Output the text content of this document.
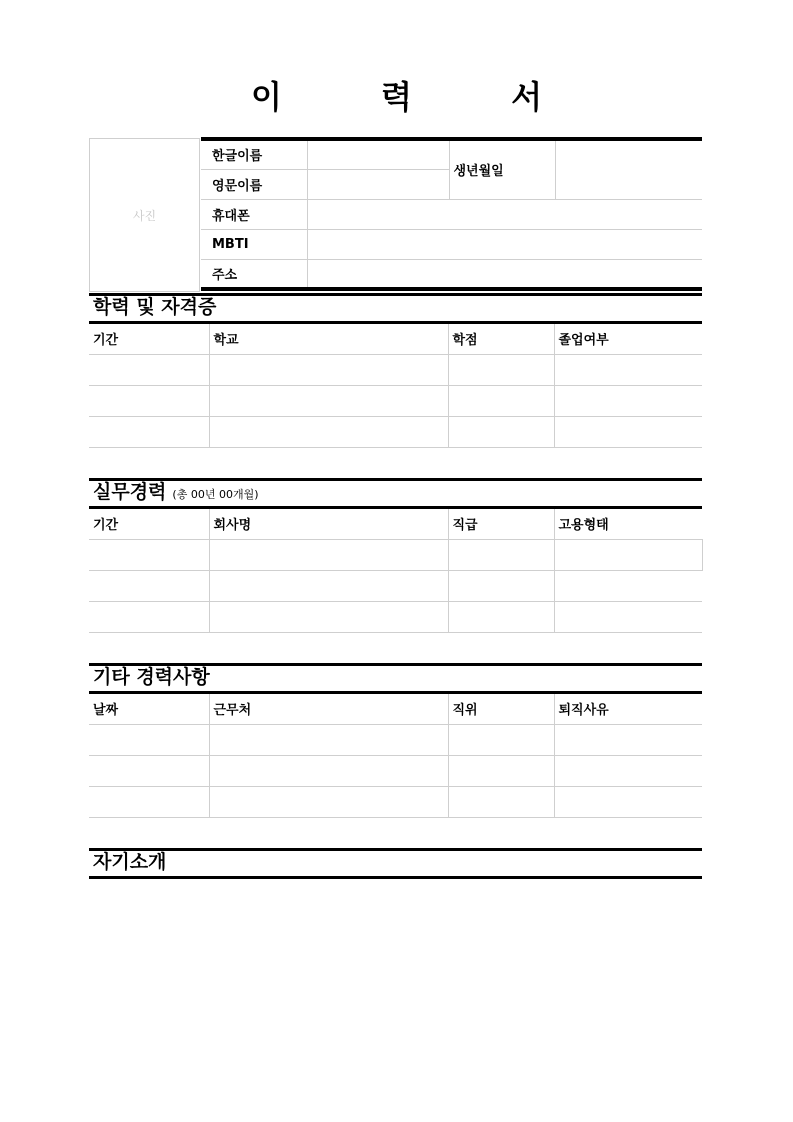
이 력 서
사진
한글이름		생년월일	
영문이름			
휴대폰			
MBTI			
주소			
학력 및 자격증
기간	학교	학점	졸업여부

실무경력 (총 00년 00개월)
기간	회사명	직급	고용형태

기타 경력사항
날짜	근무처	직위	퇴직사유

자기소개
